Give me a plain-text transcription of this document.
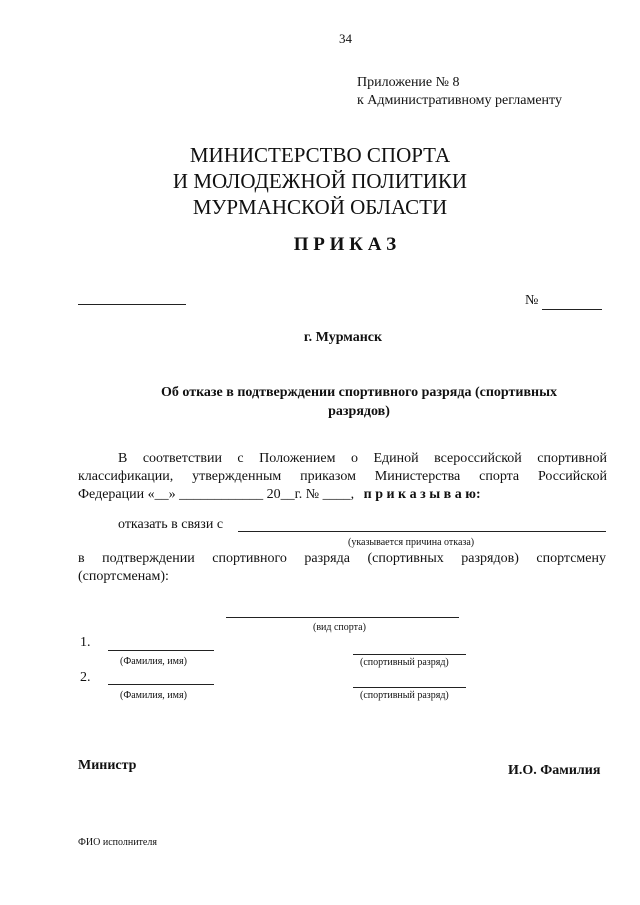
34
Приложение № 8
к Административному регламенту
МИНИСТЕРСТВО СПОРТА
И МОЛОДЕЖНОЙ ПОЛИТИКИ
МУРМАНСКОЙ ОБЛАСТИ
П Р И К А З
№
г. Мурманск
Об отказе в подтверждении спортивного разряда (спортивных
разрядов)
В соответствии с Положением о Единой всероссийской спортивной
классификации, утвержденным приказом Министерства спорта Российской
Федерации «__» ____________ 20__г. № ____, п р и к а з ы в а ю:
отказать в связи с
(указывается причина отказа)
в подтверждении спортивного разряда (спортивных разрядов) спортсмену
(спортсменам):
(вид спорта)
1.
(Фамилия, имя)	(спортивный разряд)
2.
(Фамилия, имя)	(спортивный разряд)
Министр	И.О. Фамилия
ФИО исполнителя
